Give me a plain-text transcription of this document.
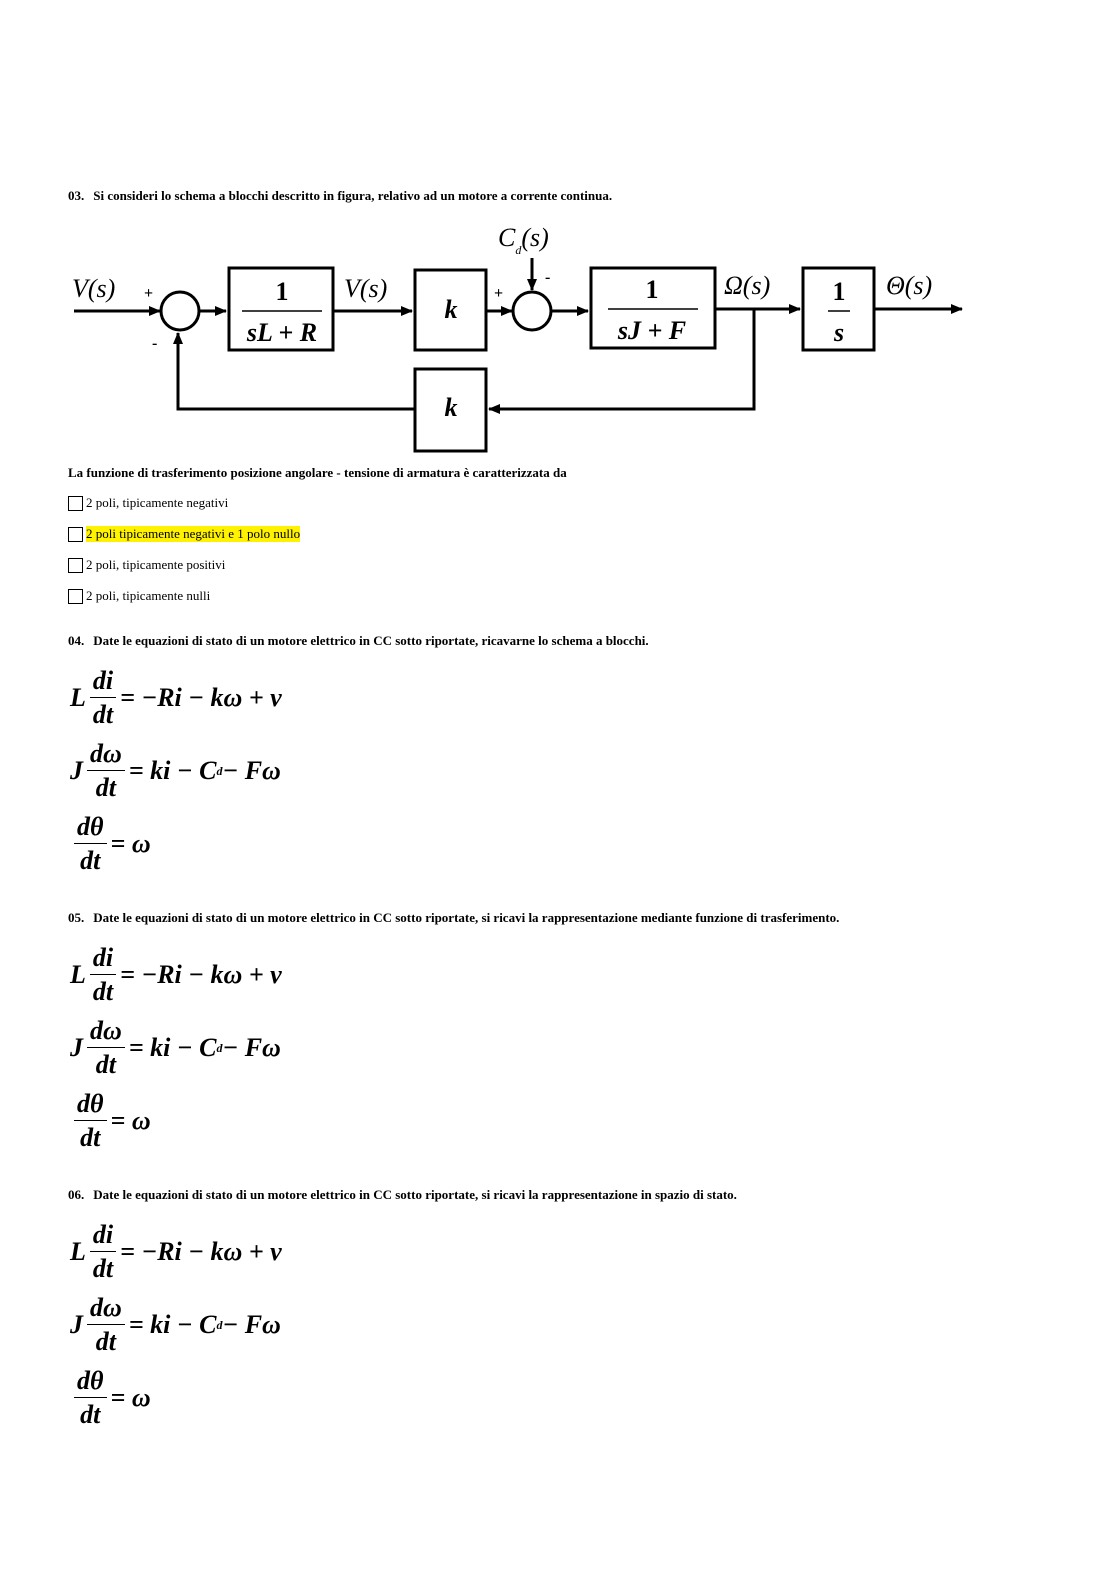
03. Si consideri lo schema a blocchi descritto in figura, relativo ad un motore a corrente continua.
1
sL + R
k
1
sJ + F
1
s
k
V(s)	V(s)	Ω(s)	Θ(s)
$C_d(s)$
+
-
+
-
La funzione di trasferimento posizione angolare - tensione di armatura è caratterizzata da
2 poli, tipicamente negativi
2 poli tipicamente negativi e 1 polo nullo
2 poli, tipicamente positivi
2 poli, tipicamente nulli
04. Date le equazioni di stato di un motore elettrico in CC sotto riportate, ricavarne lo schema a blocchi.
L $\frac{di}{dt} = -Ri - k\omega + v$
J $\frac{d\omega}{dt}$ = ki − C d − Fω
$\frac{d\theta}{dt} = \omega$
05. Date le equazioni di stato di un motore elettrico in CC sotto riportate, si ricavi la rappresentazione mediante funzione di trasferimento.
L $\frac{di}{dt} = -Ri - k\omega + v$
J $\frac{d\omega}{dt}$ = ki − C d − Fω
$\frac{d\theta}{dt} = \omega$
06. Date le equazioni di stato di un motore elettrico in CC sotto riportate, si ricavi la rappresentazione in spazio di stato.
L $\frac{di}{dt} = -Ri - k\omega + v$
J $\frac{d\omega}{dt}$ = ki − C d − Fω
$\frac{d\theta}{dt} = \omega$
